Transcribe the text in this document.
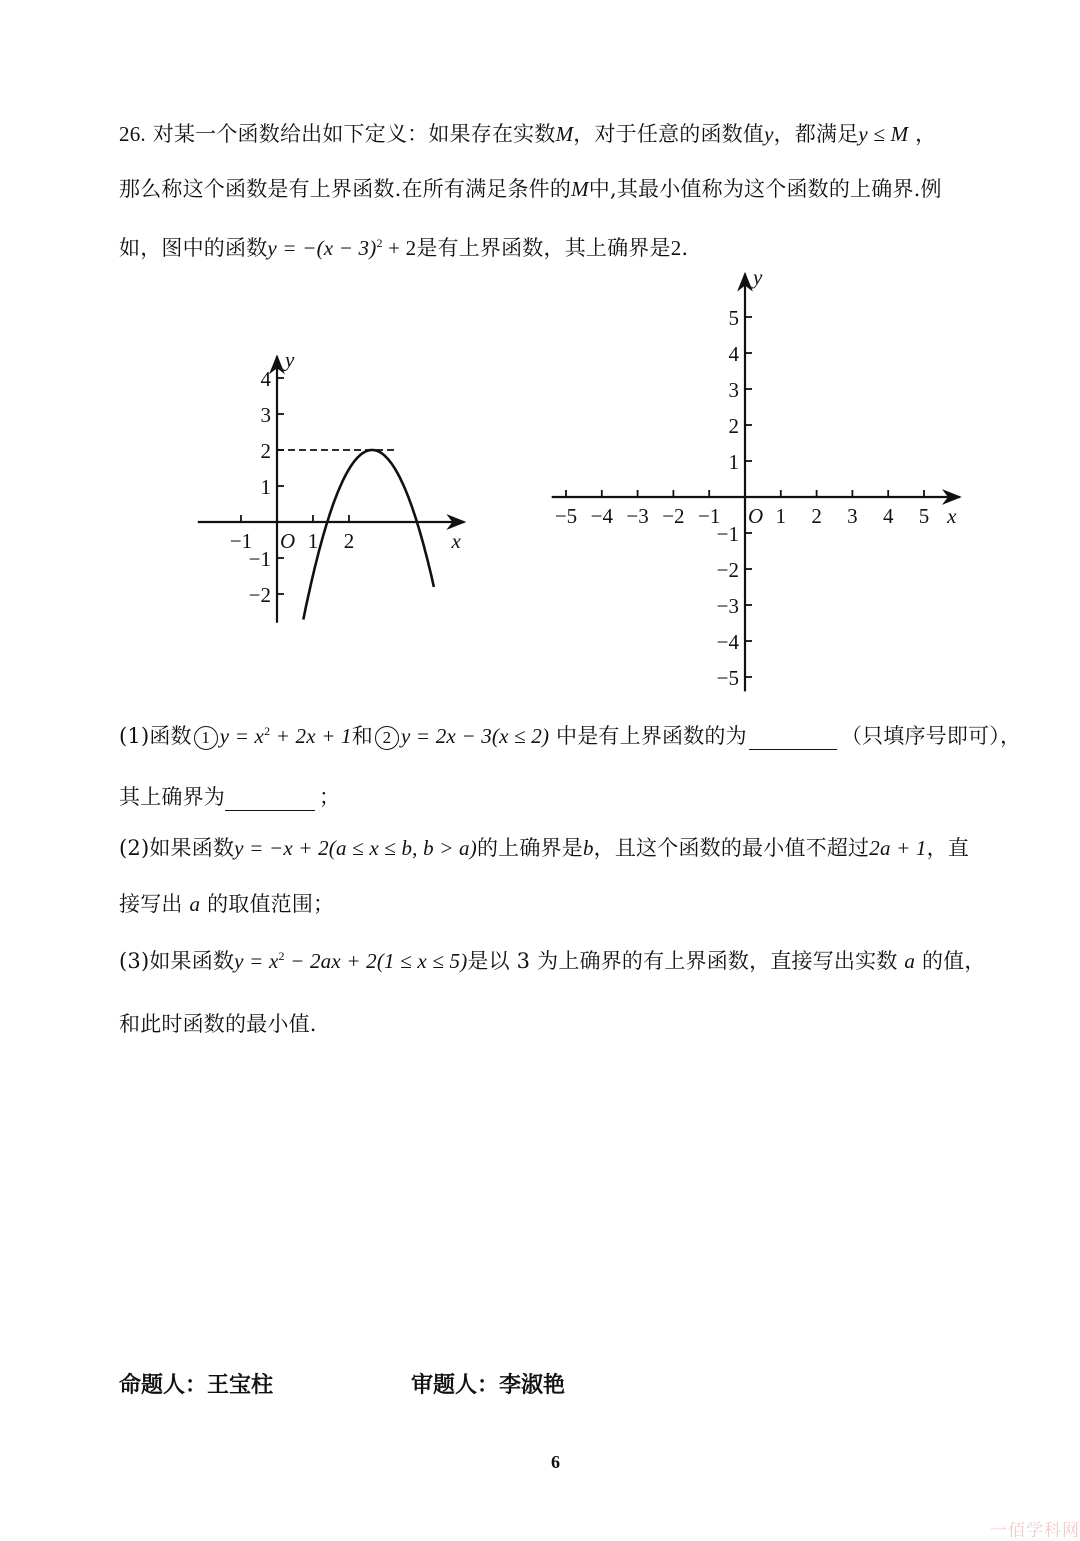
26. 对某一个函数给出如下定义：如果存在实数M，对于任意的函数值y，都满足y ≤ M ，
那么称这个函数是有上界函数.在所有满足条件的M中,其最小值称为这个函数的上确界.例
如，图中的函数$y = -(x - 3)^2 + 2$是有上界函数，其上确界是2.
−1	1 2
4
3
2
1
−1
−2
x
y
O
−5 −4 −3 −2 −1	1 2 3 4 5
5
4
3
2
1
−1
−2
−3
−4
−5
x
y
O
(1)函数 1 $y = x^2 + 2x + 1$和 2 y = 2x − 3(x ≤ 2) 中是有上界函数的为	（只填序号即可），
其上确界为	；
(2)如果函数y = −x + 2(a ≤ x ≤ b, b > a)的上确界是b，且这个函数的最小值不超过2a + 1，直
接写出 a 的取值范围；
(3)如果函数$y = x^2 - 2ax + 2(1 \le x \le 5)$是以 3 为上确界的有上界函数，直接写出实数 a 的值，
和此时函数的最小值.
命题人：王宝柱	审题人：李淑艳
6
一佰学科网
